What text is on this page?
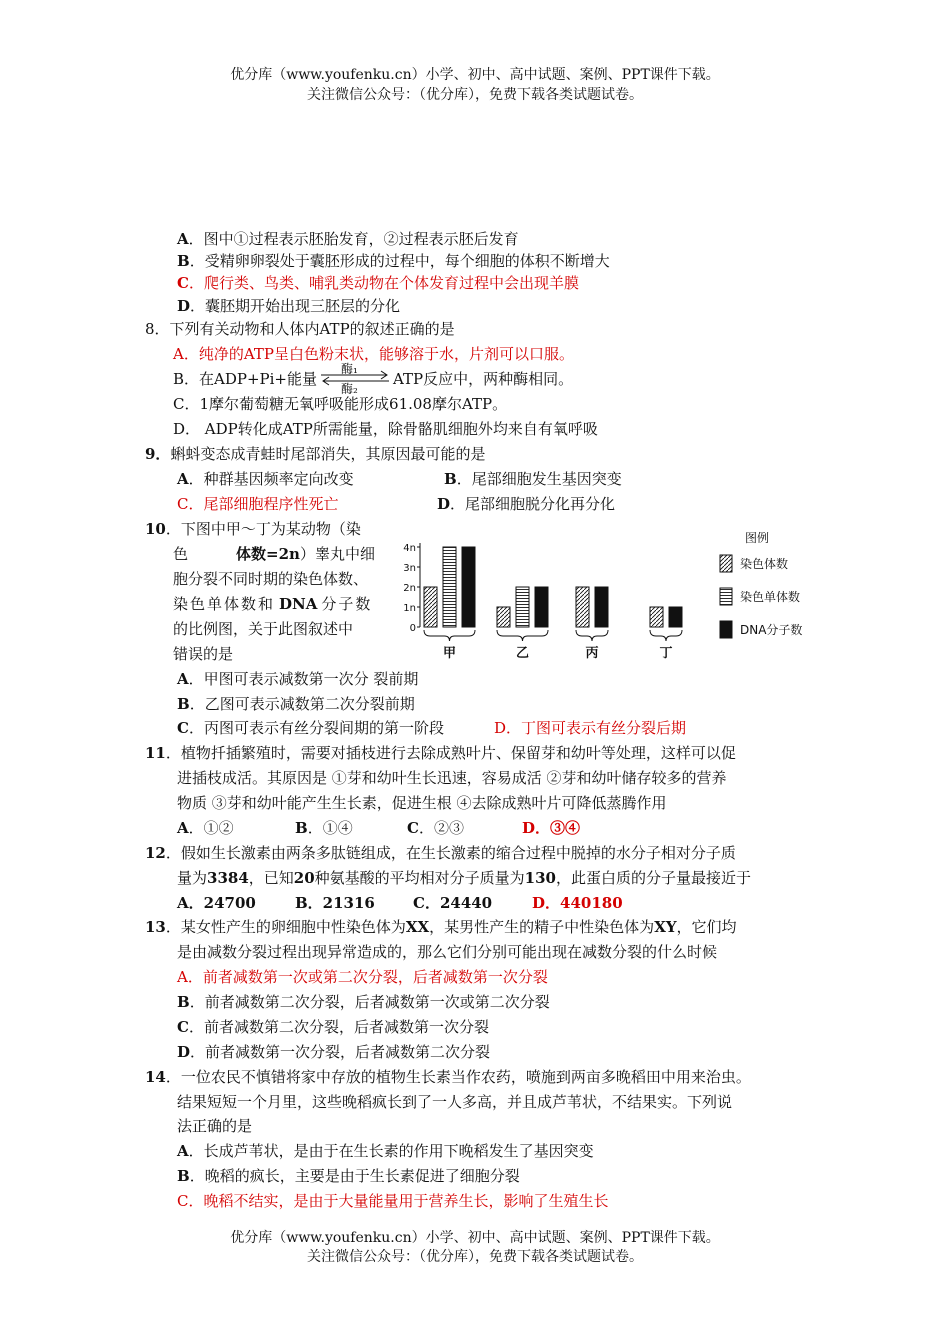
优分库（www.youfenku.cn）小学、初中、高中试题、案例、PPT课件下载。
关注微信公众号：（优分库），免费下载各类试题试卷。
A．图中①过程表示胚胎发育，②过程表示胚后发育
B．受精卵卵裂处于囊胚形成的过程中，每个细胞的体积不断增大
C．爬行类、鸟类、哺乳类动物在个体发育过程中会出现羊膜
D．囊胚期开始出现三胚层的分化
8．下列有关动物和人体内ATP的叙述正确的是
A．纯净的ATP呈白色粉末状，能够溶于水，片剂可以口服。
B．在ADP+Pi+能量
酶₁
酶₂
ATP反应中，两种酶相同。
C．1摩尔葡萄糖无氧呼吸能形成61.08摩尔ATP。
D． ADP转化成ATP所需能量，除骨骼肌细胞外均来自有氧呼吸
9．蝌蚪变态成青蛙时尾部消失，其原因最可能的是
A．种群基因频率定向改变	B．尾部细胞发生基因突变
C．尾部细胞程序性死亡	D．尾部细胞脱分化再分化
10．下图中甲～丁为某动物（染
色	体数=2n）睾丸中细
胞分裂不同时期的染色体数、
染色单体数和 DNA 分子数
的比例图，关于此图叙述中
错误的是
0
1n
2n
3n
4n
甲	乙	丙	丁
图例
染色体数
染色单体数
DNA分子数
A．甲图可表示减数第一次分 裂前期
B．乙图可表示减数第二次分裂前期
C．丙图可表示有丝分裂间期的第一阶段	D．丁图可表示有丝分裂后期
11．植物扦插繁殖时，需要对插枝进行去除成熟叶片、保留芽和幼叶等处理，这样可以促
进插枝成活。其原因是 ①芽和幼叶生长迅速，容易成活 ②芽和幼叶储存较多的营养
物质 ③芽和幼叶能产生生长素，促进生根 ④去除成熟叶片可降低蒸腾作用
A．①②	B．①④	C．②③	D．③④
12．假如生长激素由两条多肽链组成，在生长激素的缩合过程中脱掉的水分子相对分子质
量为3384，已知20种氨基酸的平均相对分子质量为130，此蛋白质的分子量最接近于
A．24700	B．21316	C．24440	D．440180
13．某女性产生的卵细胞中性染色体为XX，某男性产生的精子中性染色体为XY，它们均
是由减数分裂过程出现异常造成的，那么它们分别可能出现在减数分裂的什么时候
A．前者减数第一次或第二次分裂，后者减数第一次分裂
B．前者减数第二次分裂，后者减数第一次或第二次分裂
C．前者减数第二次分裂，后者减数第一次分裂
D．前者减数第一次分裂，后者减数第二次分裂
14．一位农民不慎错将家中存放的植物生长素当作农药，喷施到两亩多晚稻田中用来治虫。
结果短短一个月里，这些晚稻疯长到了一人多高，并且成芦苇状，不结果实。下列说
法正确的是
A．长成芦苇状，是由于在生长素的作用下晚稻发生了基因突变
B．晚稻的疯长，主要是由于生长素促进了细胞分裂
C．晚稻不结实，是由于大量能量用于营养生长，影响了生殖生长
优分库（www.youfenku.cn）小学、初中、高中试题、案例、PPT课件下载。
关注微信公众号：（优分库），免费下载各类试题试卷。
